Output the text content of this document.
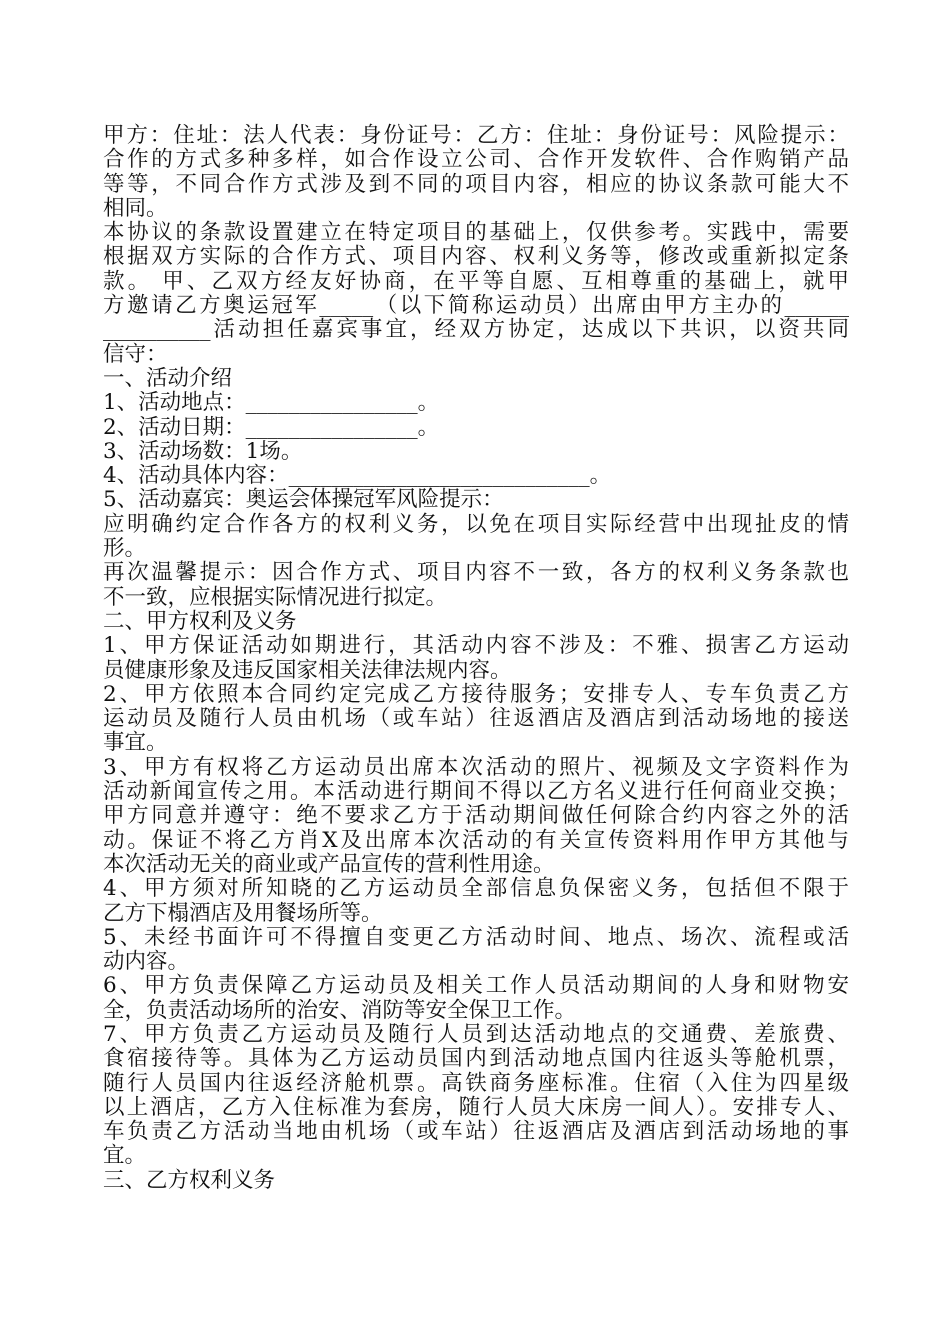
甲方：住址：法人代表：身份证号：乙方：住址：身份证号：风险提示：
合作的方式多种多样，如合作设立公司、合作开发软件、合作购销产品
等等，不同合作方式涉及到不同的项目内容，相应的协议条款可能大不
相同。
本协议的条款设置建立在特定项目的基础上，仅供参考。实践中，需要
根据双方实际的合作方式、项目内容、权利义务等，修改或重新拟定条
款。 甲、乙双方经友好协商，在平等自愿、互相尊重的基础上，就甲
方邀请乙方奥运冠军_____（以下简称运动员）出席由甲方主办的______
__________活动担任嘉宾事宜，经双方协定，达成以下共识，以资共同
信守：
一、活动介绍
1、活动地点：________________。
2、活动日期：________________。
3、活动场数：1场。
4、活动具体内容：____________________________。
5、活动嘉宾：奥运会体操冠军风险提示：
应明确约定合作各方的权利义务，以免在项目实际经营中出现扯皮的情
形。
再次温馨提示：因合作方式、项目内容不一致，各方的权利义务条款也
不一致，应根据实际情况进行拟定。
二、甲方权利及义务
1、甲方保证活动如期进行，其活动内容不涉及：不雅、损害乙方运动
员健康形象及违反国家相关法律法规内容。
2、甲方依照本合同约定完成乙方接待服务；安排专人、专车负责乙方
运动员及随行人员由机场（或车站）往返酒店及酒店到活动场地的接送
事宜。
3、甲方有权将乙方运动员出席本次活动的照片、视频及文字资料作为
活动新闻宣传之用。本活动进行期间不得以乙方名义进行任何商业交换；
甲方同意并遵守：绝不要求乙方于活动期间做任何除合约内容之外的活
动。保证不将乙方肖X及出席本次活动的有关宣传资料用作甲方其他与
本次活动无关的商业或产品宣传的营利性用途。
4、甲方须对所知晓的乙方运动员全部信息负保密义务，包括但不限于
乙方下榻酒店及用餐场所等。
5、未经书面许可不得擅自变更乙方活动时间、地点、场次、流程或活
动内容。
6、甲方负责保障乙方运动员及相关工作人员活动期间的人身和财物安
全，负责活动场所的治安、消防等安全保卫工作。
7、甲方负责乙方运动员及随行人员到达活动地点的交通费、差旅费、
食宿接待等。具体为乙方运动员国内到活动地点国内往返头等舱机票，
随行人员国内往返经济舱机票。高铁商务座标准。住宿（入住为四星级
以上酒店，乙方入住标准为套房，随行人员大床房一间人）。安排专人、
车负责乙方活动当地由机场（或车站）往返酒店及酒店到活动场地的事
宜。
三、乙方权利义务
